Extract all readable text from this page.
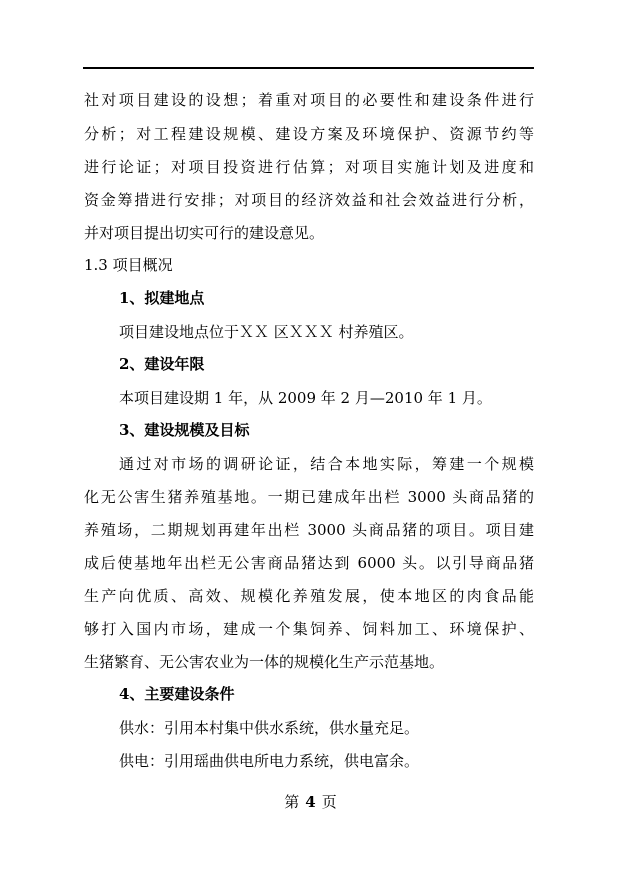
社对项目建设的设想；着重对项目的必要性和建设条件进行
分析；对工程建设规模、建设方案及环境保护、资源节约等
进行论证；对项目投资进行估算；对项目实施计划及进度和
资金筹措进行安排；对项目的经济效益和社会效益进行分析，
并对项目提出切实可行的建设意见。
1.3 项目概况
1、拟建地点
项目建设地点位于ＸＸ 区ＸＸＸ 村养殖区。
2、建设年限
本项目建设期 1 年，从 2009 年 2 月—2010 年 1 月。
3、建设规模及目标
通过对市场的调研论证，结合本地实际，筹建一个规模
化无公害生猪养殖基地。一期已建成年出栏 3000 头商品猪的
养殖场，二期规划再建年出栏 3000 头商品猪的项目。项目建
成后使基地年出栏无公害商品猪达到 6000 头。以引导商品猪
生产向优质、高效、规模化养殖发展，使本地区的肉食品能
够打入国内市场，建成一个集饲养、饲料加工、环境保护、
生猪繁育、无公害农业为一体的规模化生产示范基地。
4、主要建设条件
供水：引用本村集中供水系统，供水量充足。
供电：引用瑶曲供电所电力系统，供电富余。
第 4 页
